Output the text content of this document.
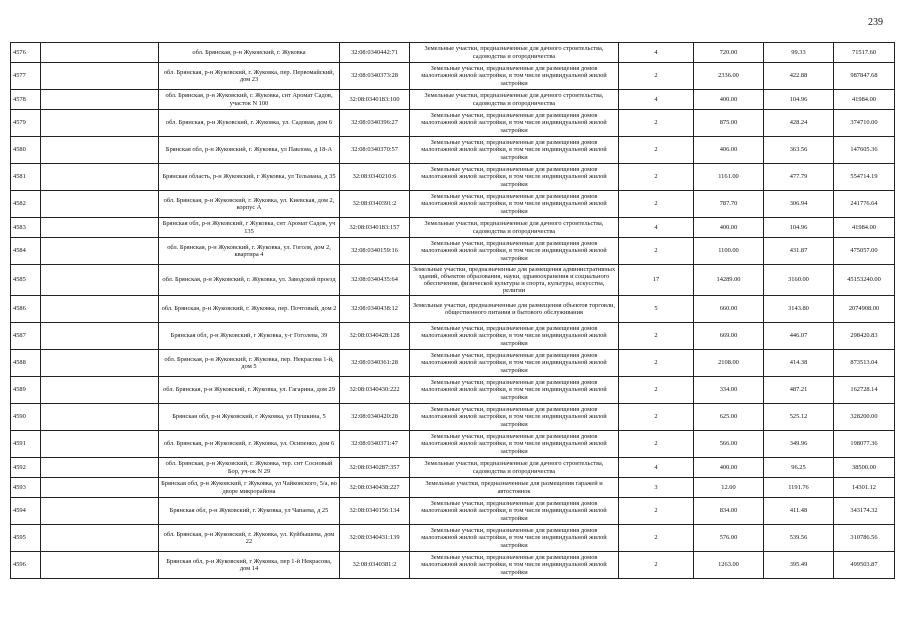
239
4576		обл. Брянская, р-н Жуковский, г. Жуковка	32:08:0340442:71	Земельные участки, предназначенные для дачного строительства, садоводства и огородничества	4	720.00	99.33	71517.60
4577		обл. Брянская, р-н Жуковский, г. Жуковка, пер. Первомайский, дом 23	32:08:0340373:28	Земельные участки, предназначенные для размещения домов малоэтажной жилой застройки, в том числе индивидуальной жилой застройки	2	2336.00	422.88	987847.68
4578		обл. Брянская, р-н Жуковский, г. Жуковка, снт Аромат Садов, участок N 100	32:08:0340183:100	Земельные участки, предназначенные для дачного строительства, садоводства и огородничества	4	400.00	104.96	41984.00
4579		обл. Брянская, р-н Жуковский, г. Жуковка, ул. Садовая, дом 6	32:08:0340396:27	Земельные участки, предназначенные для размещения домов малоэтажной жилой застройки, в том числе индивидуальной жилой застройки	2	875.00	428.24	374710.00
4580		Брянская обл, р-н Жуковский, г. Жуковка, ул Павлова, д 18-А	32:08:0340370:57	Земельные участки, предназначенные для размещения домов малоэтажной жилой застройки, в том числе индивидуальной жилой застройки	2	406.00	363.56	147605.36
4581		Брянская область, р-н Жуковский, г Жуковка, ул Тельмана, д 35	32:08:0340210:6	Земельные участки, предназначенные для размещения домов малоэтажной жилой застройки, в том числе индивидуальной жилой застройки	2	1161.00	477.79	554714.19
4582		обл. Брянская, р-н Жуковский, г. Жуковка, ул. Киевская, дом 2, корпус А	32:08:0340391:2	Земельные участки, предназначенные для размещения домов малоэтажной жилой застройки, в том числе индивидуальной жилой застройки	2	787.70	306.94	241776.64
4583		Брянская обл, р-н Жуковский, г Жуковка, снт Аромат Садов, уч 135	32:08:0340183:157	Земельные участки, предназначенные для дачного строительства, садоводства и огородничества	4	400.00	104.96	41984.00
4584		обл. Брянская, р-н Жуковский, г. Жуковка, ул. Гоголя, дом 2, квартира 4	32:08:0340159:16	Земельные участки, предназначенные для размещения домов малоэтажной жилой застройки, в том числе индивидуальной жилой застройки	2	1100.00	431.87	475057.00
4585		обл. Брянская, р-н Жуковский, г. Жуковка, ул. Заводской проезд	32:08:0340435:64	Земельные участки, предназначенные для размещения административных зданий, объектов образования, науки, здравоохранения и социального обеспечения, физической культуры и спорта, культуры, искусства, религии	17	14289.00	3160.00	45153240.00
4586		обл. Брянская, р-н Жуковский, г. Жуковка, пер. Почтовый, дом 2	32:08:0340438:12	Земельные участки, предназначенные для размещения объектов торговли, общественного питания и бытового обслуживания	5	660.00	3143.80	2074908.00
4587		Брянская обл, р-н Жуковский, г Жуковка, у-г Гоголева, 39	32:08:0340428:128	Земельные участки, предназначенные для размещения домов малоэтажной жилой застройки, в том числе индивидуальной жилой застройки	2	669.00	446.07	298420.83
4588		обл. Брянская, р-н Жуковский, г. Жуковка, пер. Некрасова 1-й, дом 5	32:08:0340361:28	Земельные участки, предназначенные для размещения домов малоэтажной жилой застройки, в том числе индивидуальной жилой застройки	2	2108.00	414.38	873513.04
4589		обл. Брянская, р-н Жуковский, г. Жуковка, ул. Гагарина, дом 29	32:08:0340430:222	Земельные участки, предназначенные для размещения домов малоэтажной жилой застройки, в том числе индивидуальной жилой застройки	2	334.00	487.21	162728.14
4590		Брянская обл, р-н Жуковский, г Жуковка, ул Пушкина, 5	32:08:0340420:28	Земельные участки, предназначенные для размещения домов малоэтажной жилой застройки, в том числе индивидуальной жилой застройки	2	625.00	525.12	328200.00
4591		обл. Брянская, р-н Жуковский, г. Жуковка, ул. Осипенко, дом 6	32:08:0340371:47	Земельные участки, предназначенные для размещения домов малоэтажной жилой застройки, в том числе индивидуальной жилой застройки	2	566.00	349.96	198077.36
4592		обл. Брянская, р-н Жуковский, г. Жуковка, тер. снт Сосновый Бор, уч-ок N 29	32:08:0340287:357	Земельные участки, предназначенные для дачного строительства, садоводства и огородничества	4	400.00	96.25	38500.00
4593		Брянская обл, р-н Жуковский, г Жуковка, ул Чайковского, 5/а, во дворе микрорайона	32:08:0340438:227	Земельные участки, предназначенные для размещения гаражей и автостоянок	3	12.00	1191.76	14301.12
4594		Брянская обл, р-н Жуковский, г. Жуковка, ул Чапаева, д 25	32:08:0340156:134	Земельные участки, предназначенные для размещения домов малоэтажной жилой застройки, в том числе индивидуальной жилой застройки	2	834.00	411.48	343174.32
4595		обл. Брянская, р-н Жуковский, г. Жуковка, ул. Куйбышева, дом 22	32:08:0340431:139	Земельные участки, предназначенные для размещения домов малоэтажной жилой застройки, в том числе индивидуальной жилой застройки	2	576.00	539.56	310786.56
4596		Брянская обл, р-н Жуковский, г Жуковка, пер 1-й Некрасова, дом 14	32:08:0340381:2	Земельные участки, предназначенные для размещения домов малоэтажной жилой застройки, в том числе индивидуальной жилой застройки	2	1263.00	395.49	499503.87
